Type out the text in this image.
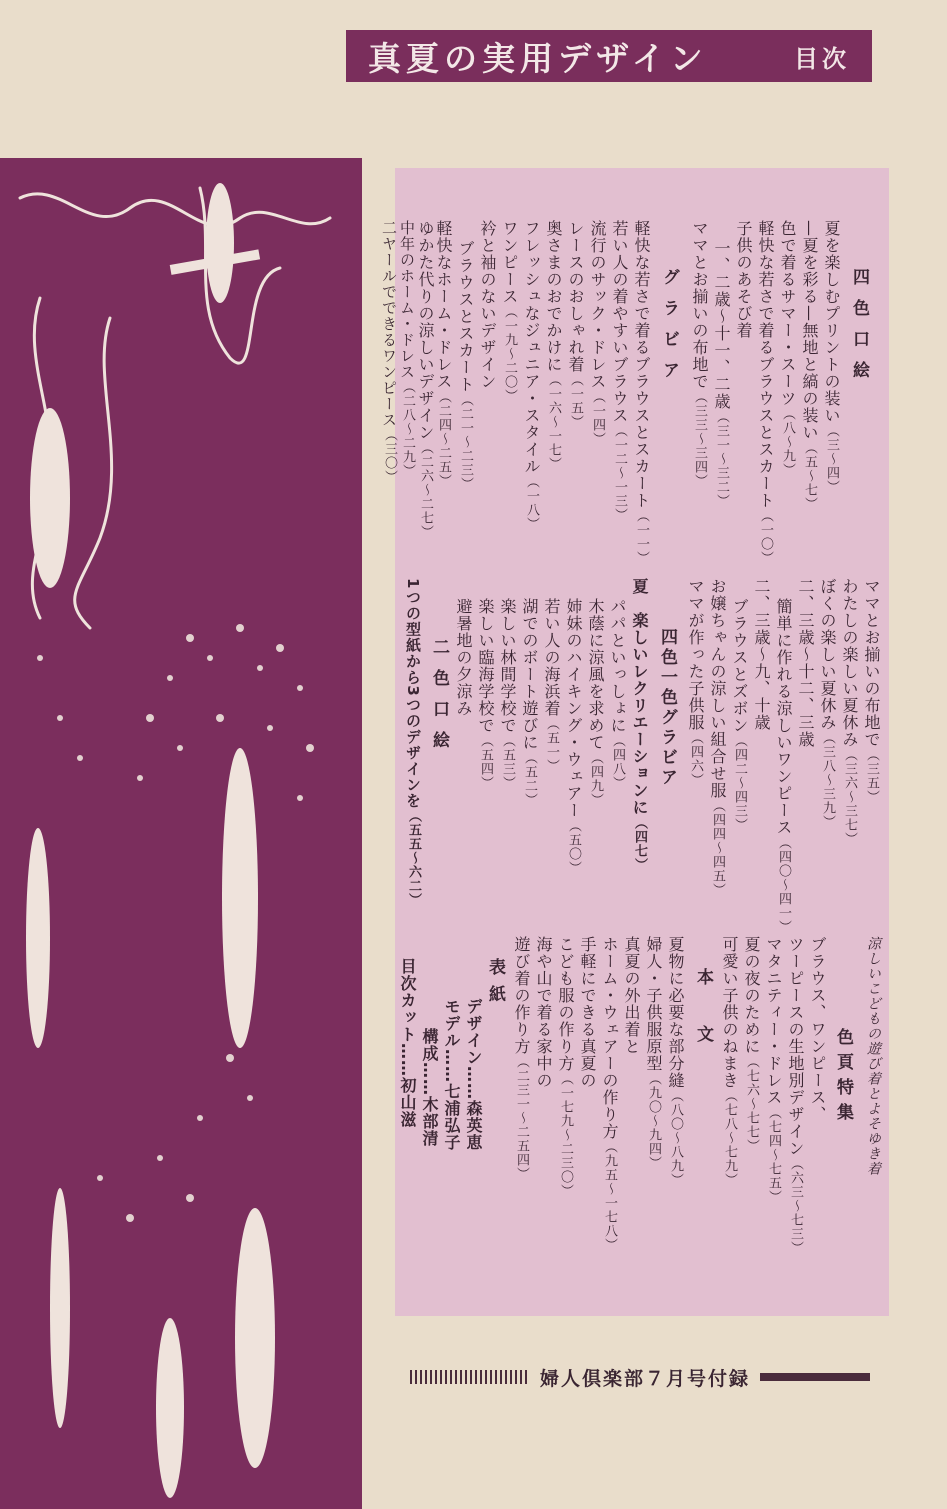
真夏の実用デザイン	目次
四色口絵
夏を楽しむプリントの装い（三〜四）
—夏を彩る—無地と縞の装い（五〜七）
色で着るサマー・スーツ（八〜九）
軽快な若さで着るブラウスとスカート（一〇）
子供のあそび着
一、二歳〜十一、二歳（三一〜三二）
ママとお揃いの布地で（三三〜三四）
グラビア
軽快な若さで着るブラウスとスカート（一一）
若い人の着やすいブラウス（一二〜一三）
流行のサック・ドレス（一四）
レースのおしゃれ着（一五）
奥さまのおでかけに（一六〜一七）
フレッシュなジュニア・スタイル（一八）
ワンピース（一九〜二〇）
衿と袖のないデザイン
ブラウスとスカート（二一〜二三）
軽快なホーム・ドレス（二四〜二五）
ゆかた代りの涼しいデザイン（二六〜二七）
中年のホーム・ドレス（二八〜二九）
二ヤールでできるワンピース（三〇）
ママとお揃いの布地で（三五）
わたしの楽しい夏休み（三六〜三七）
ぼくの楽しい夏休み（三八〜三九）
二、三歳〜十二、三歳
簡単に作れる涼しいワンピース（四〇〜四一）
二、三歳〜九、十歳
ブラウスとズボン（四二〜四三）
お嬢ちゃんの涼しい組合せ服（四四〜四五）
ママが作った子供服（四六）
四色一色グラビア
夏　楽しいレクリエーションに（四七）
パパといっしょに（四八）
木蔭に涼風を求めて（四九）
姉妹のハイキング・ウェアー（五〇）
若い人の海浜着（五一）
湖でのボート遊びに（五二）
楽しい林間学校で（五三）
楽しい臨海学校で（五四）
避暑地の夕涼み
二色口絵
1つの型紙から3つのデザインを（五五〜六二）
涼しいこどもの遊び着とよそゆき着
色頁特集
ブラウス、ワンピース、
ツーピースの生地別デザイン（六三〜七三）
マタニティー・ドレス（七四〜七五）
夏の夜のために（七六〜七七）
可愛い子供のねまき（七八〜七九）
本文
夏物に必要な部分縫（八〇〜八九）
婦人・子供服原型（九〇〜九四）
真夏の外出着と
ホーム・ウェアーの作り方（九五〜一七八）
手軽にできる真夏の
こども服の作り方（一七九〜二三〇）
海や山で着る家中の
遊び着の作り方（二三一〜二五四）
表紙
デザイン……森英恵
モデル……七浦弘子
構成……木部清
目次カット……初山滋
婦人倶楽部７月号付録
